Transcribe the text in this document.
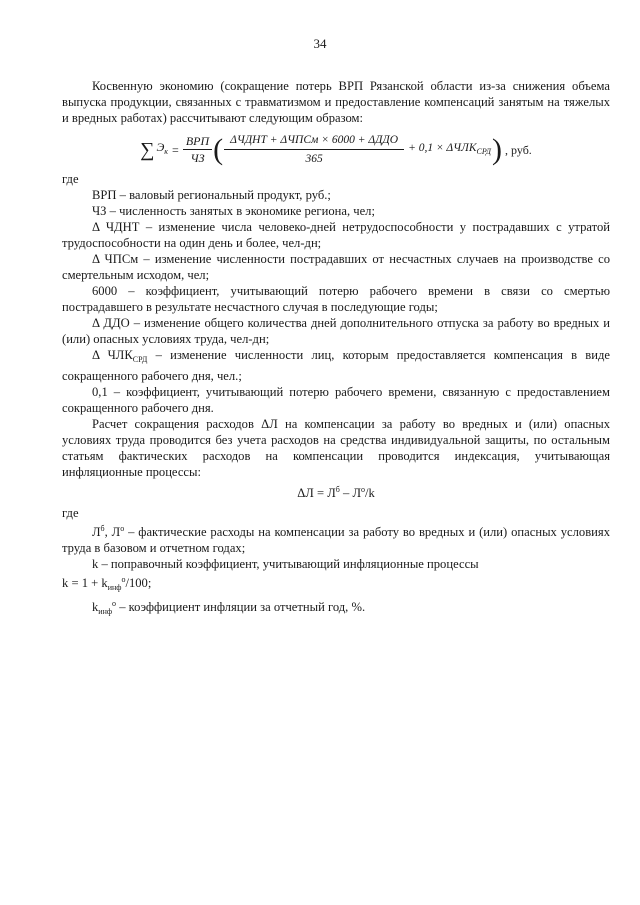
34

Косвенную экономию (сокращение потерь ВРП Рязанской области из-за снижения объема выпуска продукции, связанных с травматизмом и предоставление компенсаций занятым на тяжелых и вредных работах) рассчитывают следующим образом:

∑ $Э_к = \frac{\text{ВРП}}{ЧЗ}$ ( $\frac{\text{ΔЧДНТ + ΔЧПСм × 6000 + ΔДДО}}{365} + 0,1 \times \Delta ЧЛК_{СРД}$ ) , руб.

где

ВРП – валовый региональный продукт, руб.;

ЧЗ – численность занятых в экономике региона, чел;

Δ ЧДНТ – изменение числа человеко-дней нетрудоспособности у пострадавших с утратой трудоспособности на один день и более, чел-дн;

Δ ЧПСм – изменение численности пострадавших от несчастных случаев на производстве со смертельным исходом, чел;

6000 – коэффициент, учитывающий потерю рабочего времени в связи со смертью пострадавшего в результате несчастного случая в последующие годы;

Δ ДДО – изменение общего количества дней дополнительного отпуска за работу во вредных и (или) опасных условиях труда, чел-дн;

Δ $ЧЛК_{СРД}$ – изменение численности лиц, которым предоставляется компенсация в виде сокращенного рабочего дня, чел.;

0,1 – коэффициент, учитывающий потерю рабочего времени, связанную с предоставлением сокращенного рабочего дня.

Расчет сокращения расходов ΔЛ на компенсации за работу во вредных и (или) опасных условиях труда проводится без учета расходов на средства индивидуальной защиты, по остальным статьям фактических расходов на компенсации проводится индексация, учитывающая инфляционные процессы:

$\Delta Л = Л^б - Л^о/k$

где

$Л^б$, $Л^о$ – фактические расходы на компенсации за работу во вредных и (или) опасных условиях труда в базовом и отчетном годах;

k – поправочный коэффициент, учитывающий инфляционные процессы

$k = 1 + k_{инф}^о/100$;

$k_{инф}^о$ – коэффициент инфляции за отчетный год, %.
